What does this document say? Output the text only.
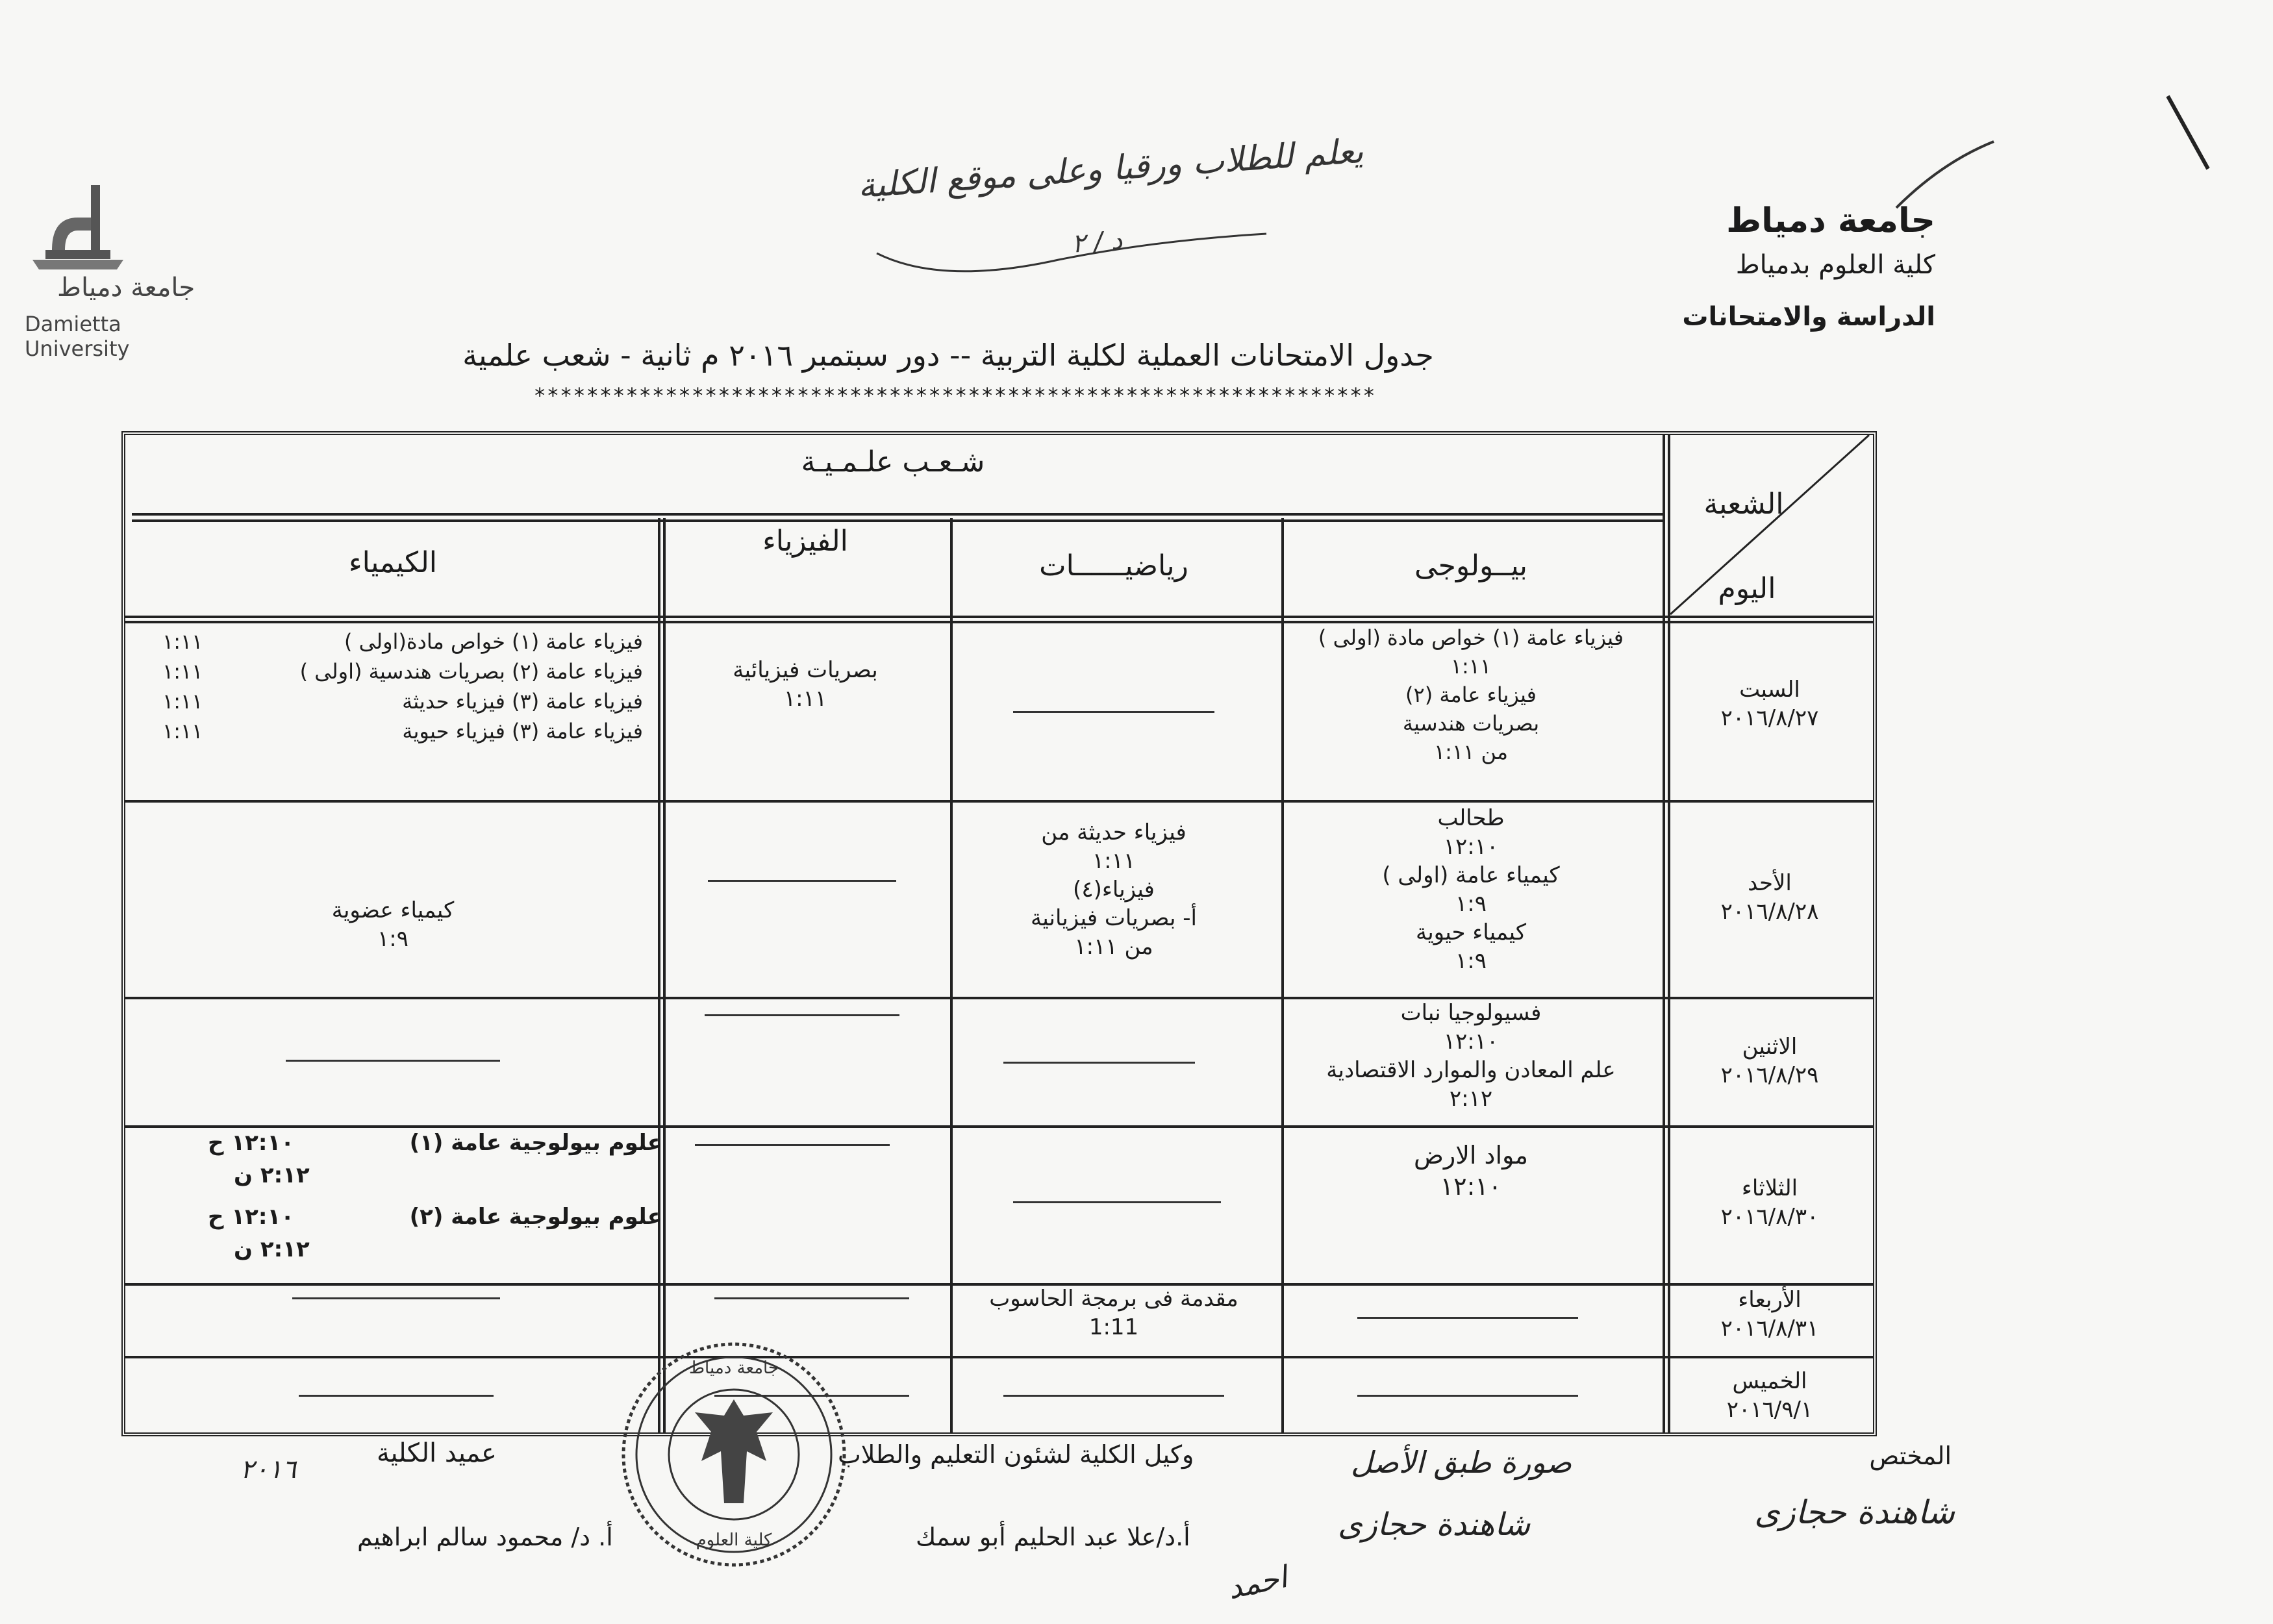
جامعة دمياط
Damietta University
جامعة دمياط
كلية العلوم بدمياط
الدراسة والامتحانات
يعلم للطلاب ورقيا وعلى موقع الكلية
د / ٢
جدول الامتحانات العملية لكلية التربية -- دور سبتمبر ٢٠١٦ م ثانية - شعب علمية
****************************************************************
الشعبة
اليوم
شـعـب علـمـيـة
بيــولوجى
رياضيــــــات
الفيزياء
الكيمياء
السبت
٢٠١٦/٨/٢٧
الأحد
٢٠١٦/٨/٢٨
الاثنين
٢٠١٦/٨/٢٩
الثلاثاء
٢٠١٦/٨/٣٠
الأربعاء
٢٠١٦/٨/٣١
الخميس
٢٠١٦/٩/١
فيزياء عامة (١) خواص مادة (اولى )
١:١١
فيزياء عامة (٢)
بصريات هندسية
من ١:١١
بصريات فيزيائية
١:١١
فيزياء عامة (١) خواص مادة(اولى )
١:١١
فيزياء عامة (٢) بصريات هندسية (اولى )
١:١١
فيزياء عامة (٣) فيزياء حديثة
١:١١
فيزياء عامة (٣) فيزياء حيوية
١:١١
طحالب
١٢:١٠
كيمياء عامة (اولى )
١:٩
كيمياء حيوية
١:٩
فيزياء حديثة من
١:١١
فيزياء(٤)
أ- بصريات فيزيانية
من ١:١١
كيمياء عضوية
١:٩
فسيولوجيا نبات
١٢:١٠
علم المعادن والموارد الاقتصادية
٢:١٢
مواد الارض
١٢:١٠
علوم بيولوجية عامة (١)
١٢:١٠ ح
٢:١٢ ن
علوم بيولوجية عامة (٢)
١٢:١٠ ح
٢:١٢ ن
مقدمة فى برمجة الحاسوب
1:11
جامعة دمياط
كلية العلوم
المختص
شاهندة حجازى
صورة طبق الأصل
شاهندة حجازى
وكيل الكلية لشئون التعليم والطلاب
أ.د/علا عبد الحليم أبو سمك
عميد الكلية
٢٠١٦
أ. د/ محمود سالم ابراهيم
احمد
